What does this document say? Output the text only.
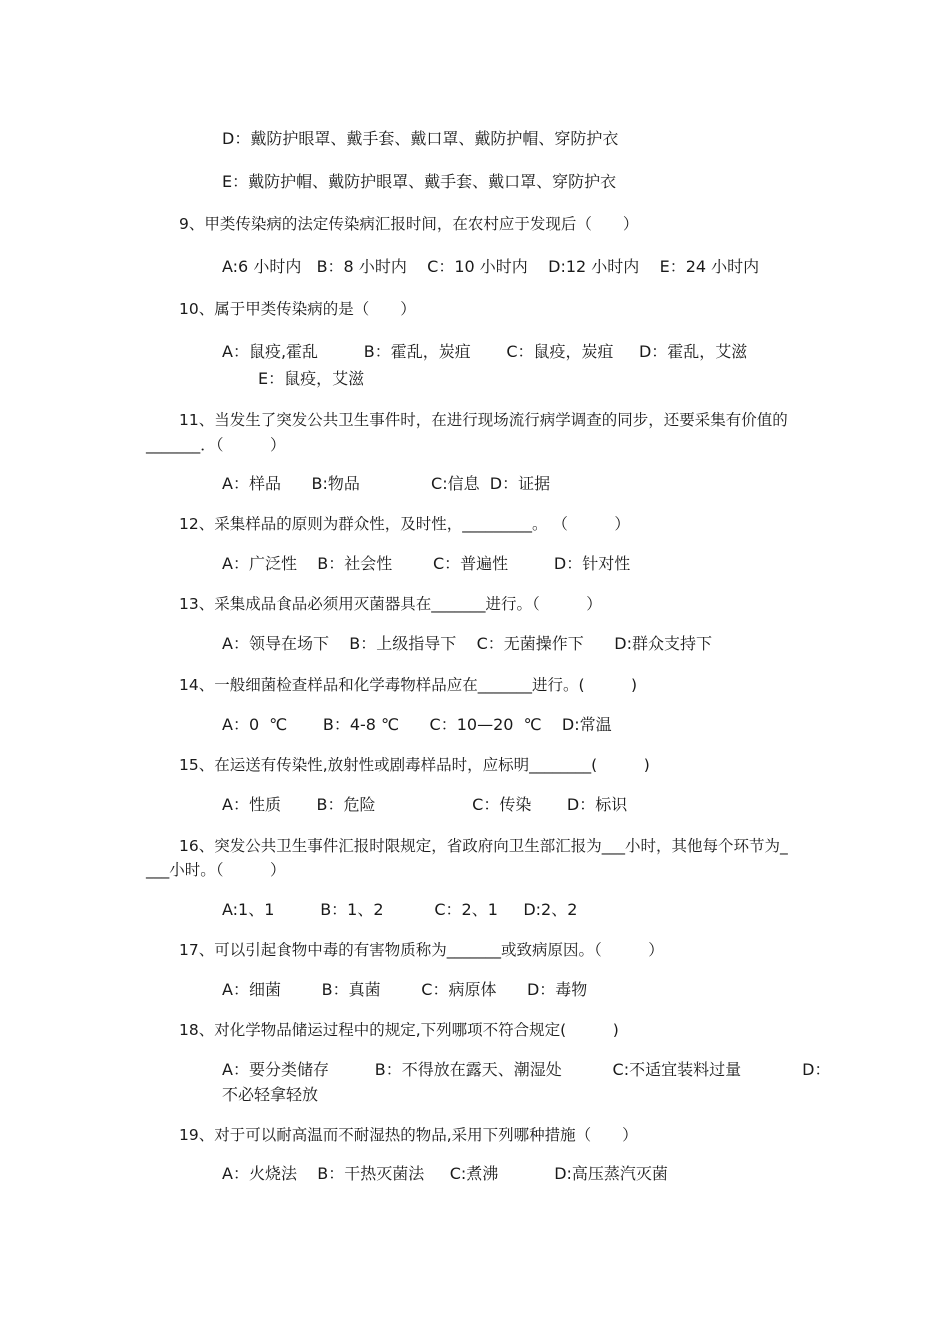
D：戴防护眼罩、戴手套、戴口罩、戴防护帽、穿防护衣

E：戴防护帽、戴防护眼罩、戴手套、戴口罩、穿防护衣

9、甲类传染病的法定传染病汇报时间，在农村应于发现后（　　）

A:6 小时内   B：8 小时内    C：10 小时内    D:12 小时内    E：24 小时内

10、属于甲类传染病的是（　　）

A：鼠疫,霍乱         B：霍乱，炭疽       C：鼠疫，炭疽     D：霍乱，艾滋

E：鼠疫，艾滋

11、当发生了突发公共卫生事件时，在进行现场流行病学调查的同步，还要采集有价值的

_______．（　　　）

A：样品      B:物品              C:信息  D：证据

12、采集样品的原则为群众性，及时性，_________。 （　　　）

A：广泛性    B：社会性        C：普遍性         D：针对性

13、采集成品食品必须用灭菌器具在_______进行。（　　　）

A：领导在场下    B：上级指导下    C：无菌操作下      D:群众支持下

14、一般细菌检查样品和化学毒物样品应在_______进行。(　　　)

A：0  ℃       B：4-8 ℃      C：10—20  ℃    D:常温

15、在运送有传染性,放射性或剧毒样品时，应标明________(　　　)

A：性质       B：危险                   C：传染       D：标识

16、突发公共卫生事件汇报时限规定，省政府向卫生部汇报为___小时，其他每个环节为_

___小时。（　　　）

A:1、1         B：1、2          C：2、1     D:2、2

17、可以引起食物中毒的有害物质称为_______或致病原因。（　　　）

A：细菌        B：真菌        C：病原体      D：毒物

18、对化学物品储运过程中的规定,下列哪项不符合规定(　　　)

A：要分类储存         B：不得放在露天、潮湿处          C:不适宜装料过量            D：

不必轻拿轻放

19、对于可以耐高温而不耐湿热的物品,采用下列哪种措施（　　）

A：火烧法    B：干热灭菌法     C:煮沸           D:高压蒸汽灭菌
